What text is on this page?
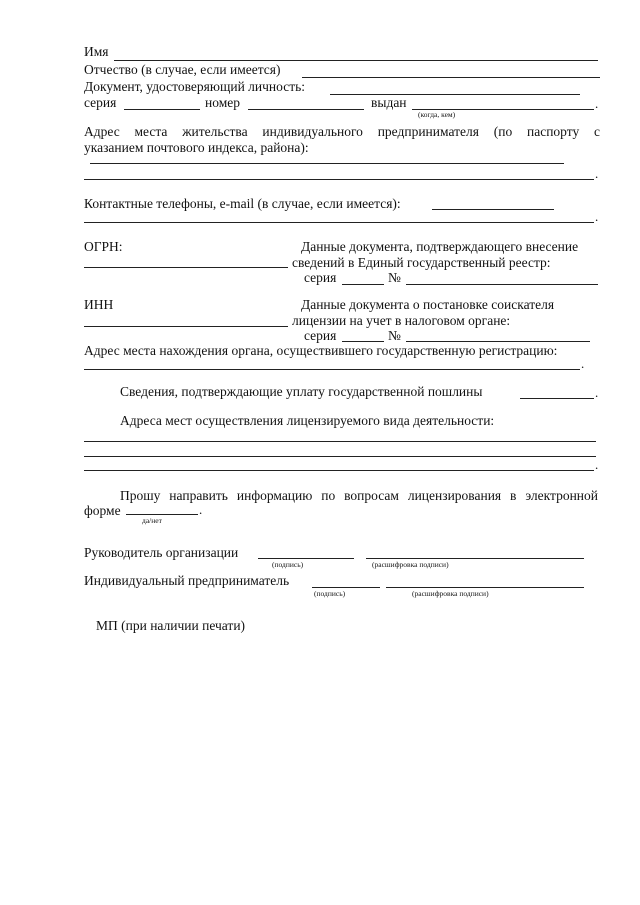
Имя
Отчество (в случае, если имеется)
Документ, удостоверяющий личность:
серия	номер	выдан	.
(когда, кем)
Адрес места жительства индивидуального предпринимателя (по паспорту с
указанием почтового индекса, района):
.
Контактные телефоны, e-mail (в случае, если имеется):
.
ОГРН:	Данные документа, подтверждающего внесение
сведений в Единый государственный реестр:
серия	№
ИНН	Данные документа о постановке соискателя
лицензии на учет в налоговом органе:
серия	№
Адрес места нахождения органа, осуществившего государственную регистрацию:
.
Сведения, подтверждающие уплату государственной пошлины	.
Адреса мест осуществления лицензируемого вида деятельности:
.
Прошу направить информацию по вопросам лицензирования в электронной
форме	.
да/нет
Руководитель организации
(подпись)	(расшифровка подписи)
Индивидуальный предприниматель
(подпись)	(расшифровка подписи)
МП (при наличии печати)
